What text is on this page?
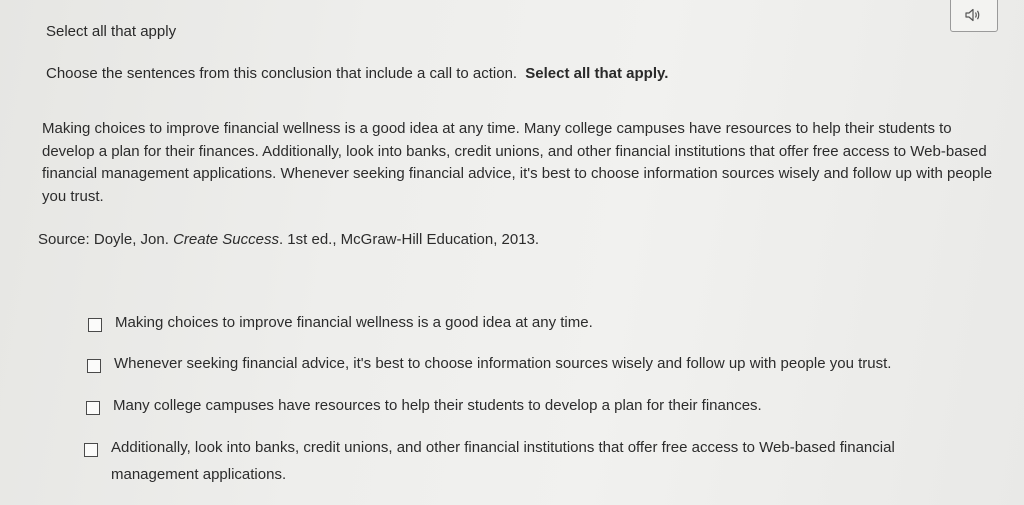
Select all that apply
Choose the sentences from this conclusion that include a call to action. Select all that apply.
Making choices to improve financial wellness is a good idea at any time. Many college campuses have resources to help their students to develop a plan for their finances. Additionally, look into banks, credit unions, and other financial institutions that offer free access to Web-based financial management applications. Whenever seeking financial advice, it's best to choose information sources wisely and follow up with people you trust.
Source: Doyle, Jon. Create Success. 1st ed., McGraw-Hill Education, 2013.
Making choices to improve financial wellness is a good idea at any time.
Whenever seeking financial advice, it's best to choose information sources wisely and follow up with people you trust.
Many college campuses have resources to help their students to develop a plan for their finances.
Additionally, look into banks, credit unions, and other financial institutions that offer free access to Web-based financial management applications.
